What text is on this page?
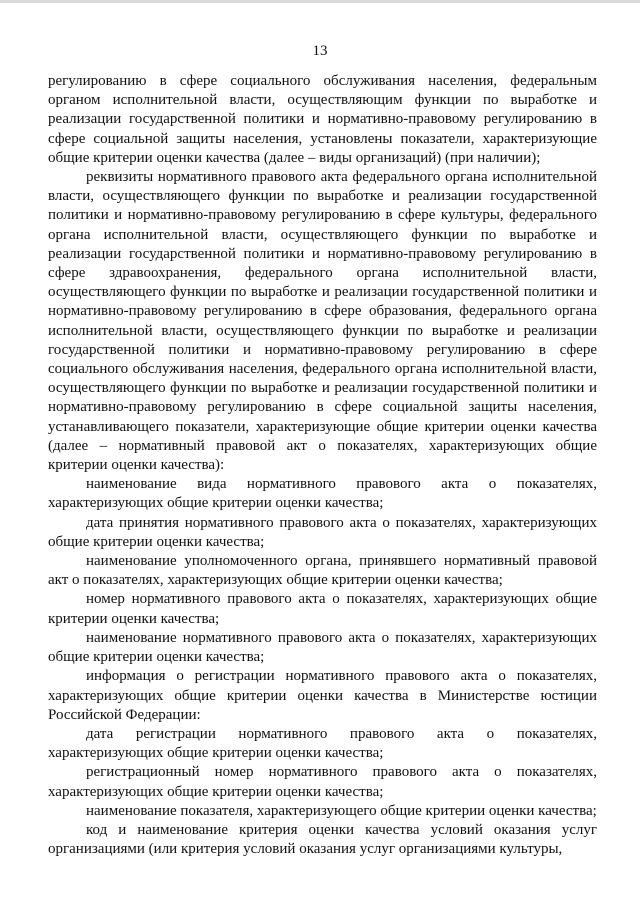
13

регулированию в сфере социального обслуживания населения, федеральным органом исполнительной власти, осуществляющим функции по выработке и реализации государственной политики и нормативно-правовому регулированию в сфере социальной защиты населения, установлены показатели, характеризующие общие критерии оценки качества (далее – виды организаций) (при наличии);

реквизиты нормативного правового акта федерального органа исполнительной власти, осуществляющего функции по выработке и реализации государственной политики и нормативно-правовому регулированию в сфере культуры, федерального органа исполнительной власти, осуществляющего функции по выработке и реализации государственной политики и нормативно-правовому регулированию в сфере здравоохранения, федерального органа исполнительной власти, осуществляющего функции по выработке и реализации государственной политики и нормативно-правовому регулированию в сфере образования, федерального органа исполнительной власти, осуществляющего функции по выработке и реализации государственной политики и нормативно-правовому регулированию в сфере социального обслуживания населения, федерального органа исполнительной власти, осуществляющего функции по выработке и реализации государственной политики и нормативно-правовому регулированию в сфере социальной защиты населения, устанавливающего показатели, характеризующие общие критерии оценки качества (далее – нормативный правовой акт о показателях, характеризующих общие критерии оценки качества):

наименование вида нормативного правового акта о показателях, характеризующих общие критерии оценки качества;

дата принятия нормативного правового акта о показателях, характеризующих общие критерии оценки качества;

наименование уполномоченного органа, принявшего нормативный правовой акт о показателях, характеризующих общие критерии оценки качества;

номер нормативного правового акта о показателях, характеризующих общие критерии оценки качества;

наименование нормативного правового акта о показателях, характеризующих общие критерии оценки качества;

информация о регистрации нормативного правового акта о показателях, характеризующих общие критерии оценки качества в Министерстве юстиции Российской Федерации:

дата регистрации нормативного правового акта о показателях, характеризующих общие критерии оценки качества;

регистрационный номер нормативного правового акта о показателях, характеризующих общие критерии оценки качества;

наименование показателя, характеризующего общие критерии оценки качества;

код и наименование критерия оценки качества условий оказания услуг организациями (или критерия условий оказания услуг организациями культуры,
